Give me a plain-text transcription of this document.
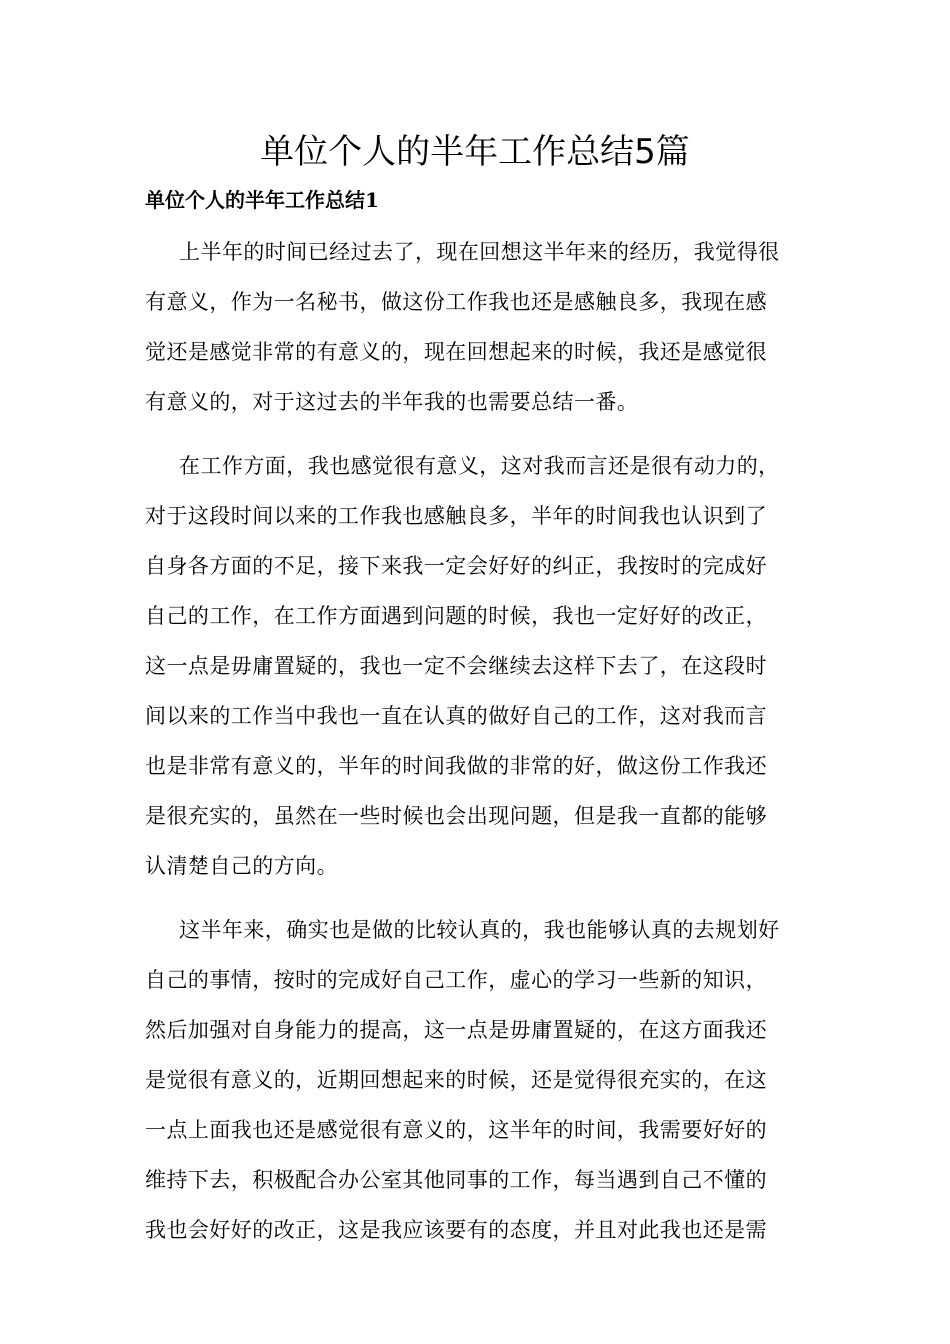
单位个人的半年工作总结5篇
单位个人的半年工作总结1
上半年的时间已经过去了，现在回想这半年来的经历，我觉得很
有意义，作为一名秘书，做这份工作我也还是感触良多，我现在感
觉还是感觉非常的有意义的，现在回想起来的时候，我还是感觉很
有意义的，对于这过去的半年我的也需要总结一番。
在工作方面，我也感觉很有意义，这对我而言还是很有动力的，
对于这段时间以来的工作我也感触良多，半年的时间我也认识到了
自身各方面的不足，接下来我一定会好好的纠正，我按时的完成好
自己的工作，在工作方面遇到问题的时候，我也一定好好的改正，
这一点是毋庸置疑的，我也一定不会继续去这样下去了，在这段时
间以来的工作当中我也一直在认真的做好自己的工作，这对我而言
也是非常有意义的，半年的时间我做的非常的好，做这份工作我还
是很充实的，虽然在一些时候也会出现问题，但是我一直都的能够
认清楚自己的方向。
这半年来，确实也是做的比较认真的，我也能够认真的去规划好
自己的事情，按时的完成好自己工作，虚心的学习一些新的知识，
然后加强对自身能力的提高，这一点是毋庸置疑的，在这方面我还
是觉很有意义的，近期回想起来的时候，还是觉得很充实的，在这
一点上面我也还是感觉很有意义的，这半年的时间，我需要好好的
维持下去，积极配合办公室其他同事的工作，每当遇到自己不懂的
我也会好好的改正，这是我应该要有的态度，并且对此我也还是需
